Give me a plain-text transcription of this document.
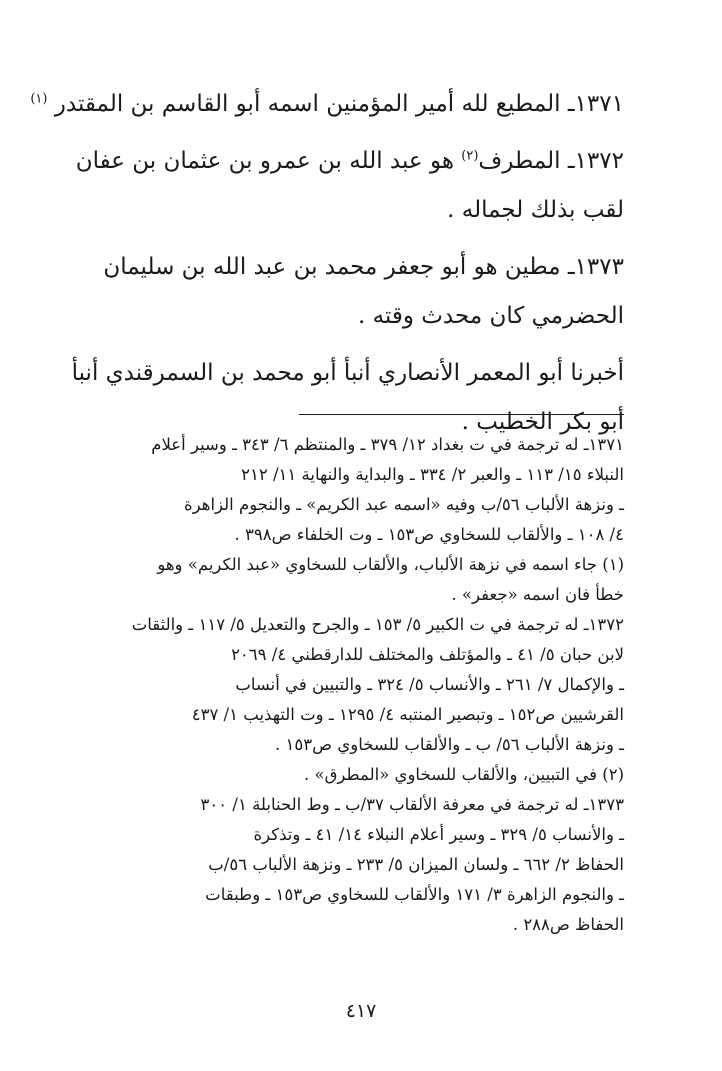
١٣٧١ـ المطيع لله أمير المؤمنين اسمه أبو القاسم بن المقتدر $^{(١)}$
١٣٧٢ـ المطرف$^{(٢)}$ هو عبد الله بن عمرو بن عثمان بن عفان
لقب بذلك لجماله .
١٣٧٣ـ مطين هو أبو جعفر محمد بن عبد الله بن سليمان
الحضرمي كان محدث وقته .
أخبرنا أبو المعمر الأنصاري أنبأ أبو محمد بن السمرقندي أنبأ
أبو بكر الخطيب .
١٣٧١ـ له ترجمة في ت بغداد ١٢/ ٣٧٩ ـ والمنتظم ٦/ ٣٤٣ ـ وسير أعلام
النبلاء ١٥/ ١١٣ ـ والعبر ٢/ ٣٣٤ ـ والبداية والنهاية ١١/ ٢١٢
ـ ونزهة الألباب ٥٦/ب وفيه «اسمه عبد الكريم» ـ والنجوم الزاهرة
٤/ ١٠٨ ـ والألقاب للسخاوي ص١٥٣ ـ وت الخلفاء ص٣٩٨ .
(١) جاء اسمه في نزهة الألباب، والألقاب للسخاوي «عبد الكريم» وهو
خطأ فان اسمه «جعفر» .
١٣٧٢ـ له ترجمة في ت الكبير ٥/ ١٥٣ ـ والجرح والتعديل ٥/ ١١٧ ـ والثقات
لابن حبان ٥/ ٤١ ـ والمؤتلف والمختلف للدارقطني ٤/ ٢٠٦٩
ـ والإكمال ٧/ ٢٦١ ـ والأنساب ٥/ ٣٢٤ ـ والتبيين في أنساب
القرشيين ص١٥٢ ـ وتبصير المنتبه ٤/ ١٢٩٥ ـ وت التهذيب ١/ ٤٣٧
ـ ونزهة الألباب ٥٦/ ب ـ والألقاب للسخاوي ص١٥٣ .
(٢) في التبيين، والألقاب للسخاوي «المطرق» .
١٣٧٣ـ له ترجمة في معرفة الألقاب ٣٧/ب ـ وط الحنابلة ١/ ٣٠٠
ـ والأنساب ٥/ ٣٢٩ ـ وسير أعلام النبلاء ١٤/ ٤١ ـ وتذكرة
الحفاظ ٢/ ٦٦٢ ـ ولسان الميزان ٥/ ٢٣٣ ـ ونزهة الألباب ٥٦/ب
ـ والنجوم الزاهرة ٣/ ١٧١ والألقاب للسخاوي ص١٥٣ ـ وطبقات
الحفاظ ص٢٨٨ .
٤١٧
